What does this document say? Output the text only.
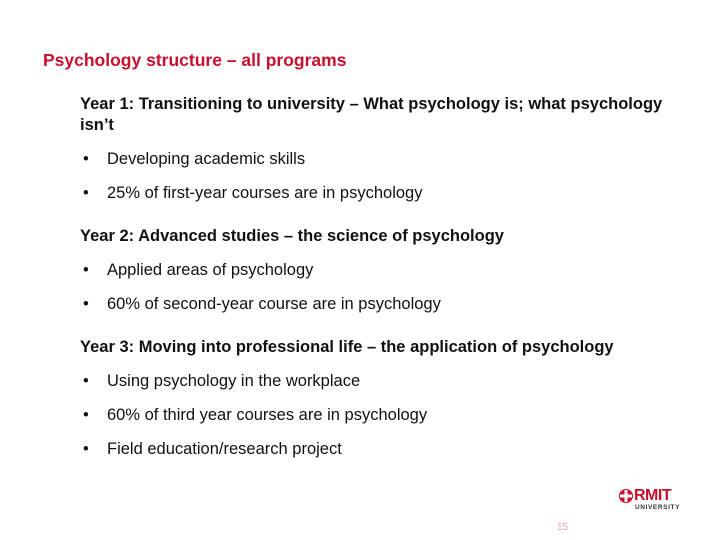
Psychology structure – all programs
Year 1: Transitioning to university – What psychology is; what psychology isn’t
• Developing academic skills
• 25% of first-year courses are in psychology
Year 2: Advanced studies – the science of psychology
• Applied areas of psychology
• 60% of second-year course are in psychology
Year 3: Moving into professional life – the application of psychology
• Using psychology in the workplace
• 60% of third year courses are in psychology
• Field education/research project
RMIT
UNIVERSITY
15
